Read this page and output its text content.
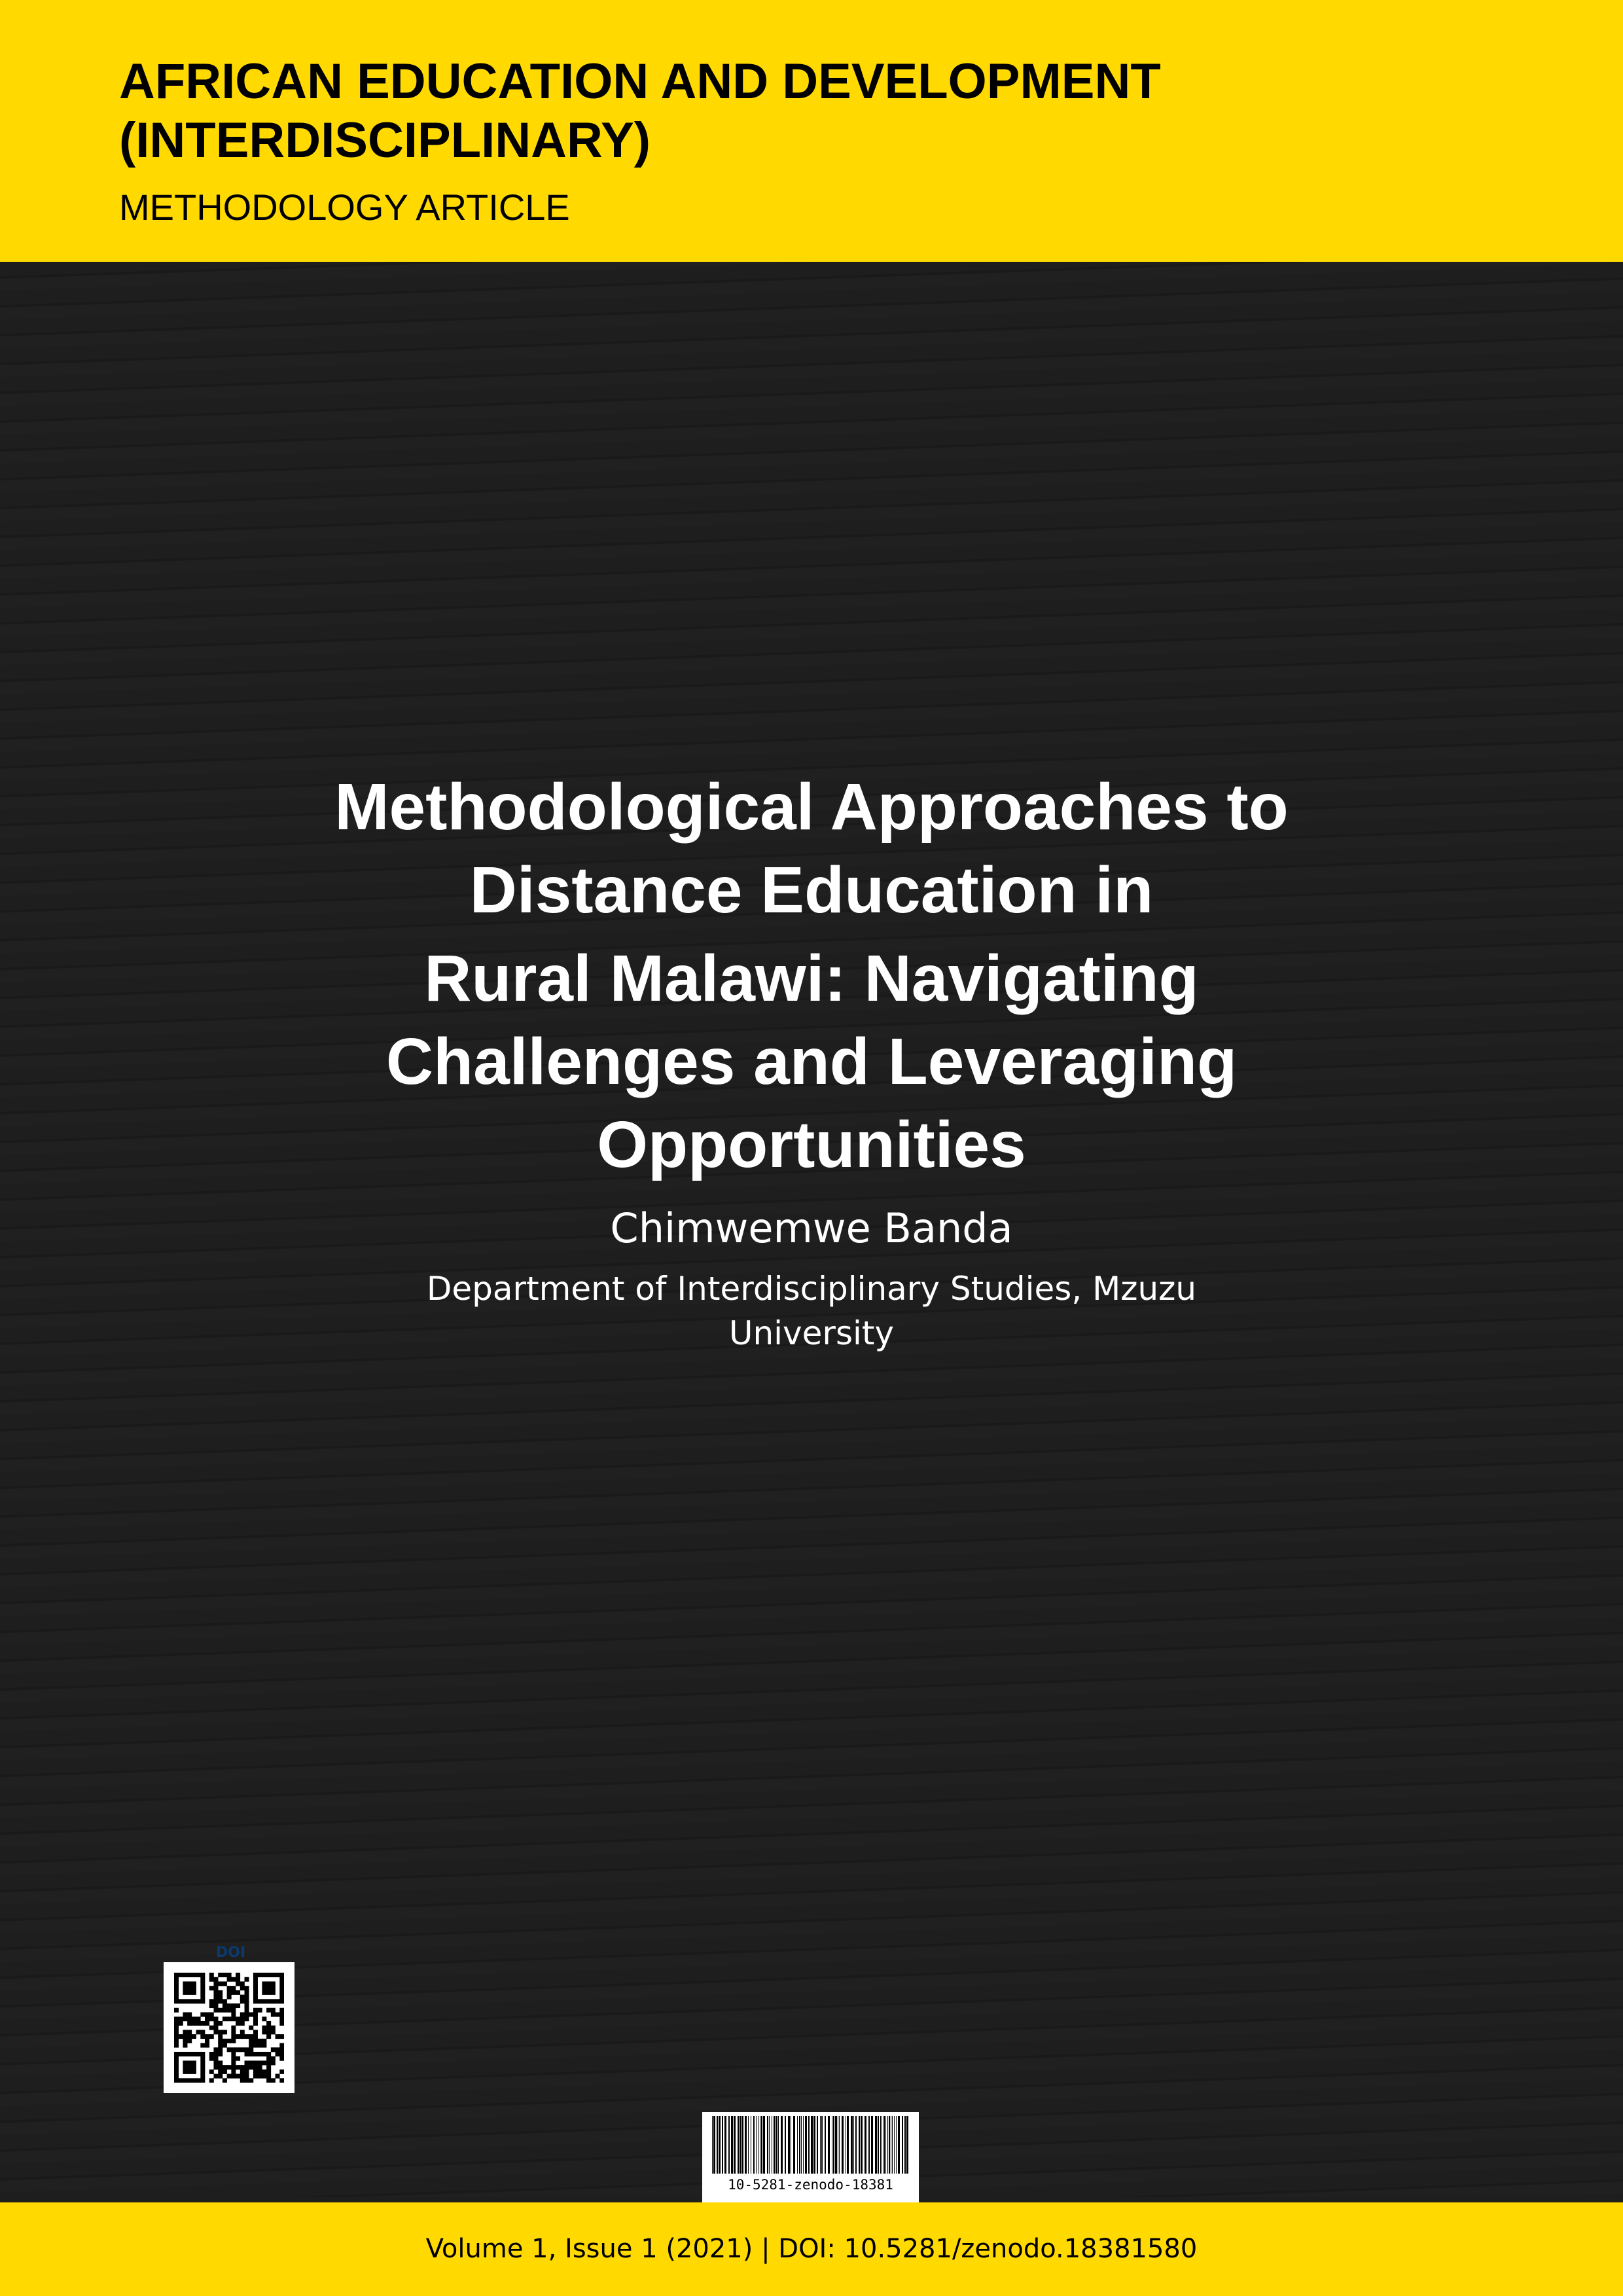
AFRICAN EDUCATION AND DEVELOPMENT (INTERDISCIPLINARY)
METHODOLOGY ARTICLE
Methodological Approaches to Distance Education in
Rural Malawi: Navigating Challenges and Leveraging Opportunities
Chimwemwe Banda
Department of Interdisciplinary Studies, Mzuzu University
DOI
10-5281-zenodo-18381
Volume 1, Issue 1 (2021) | DOI: 10.5281/zenodo.18381580
